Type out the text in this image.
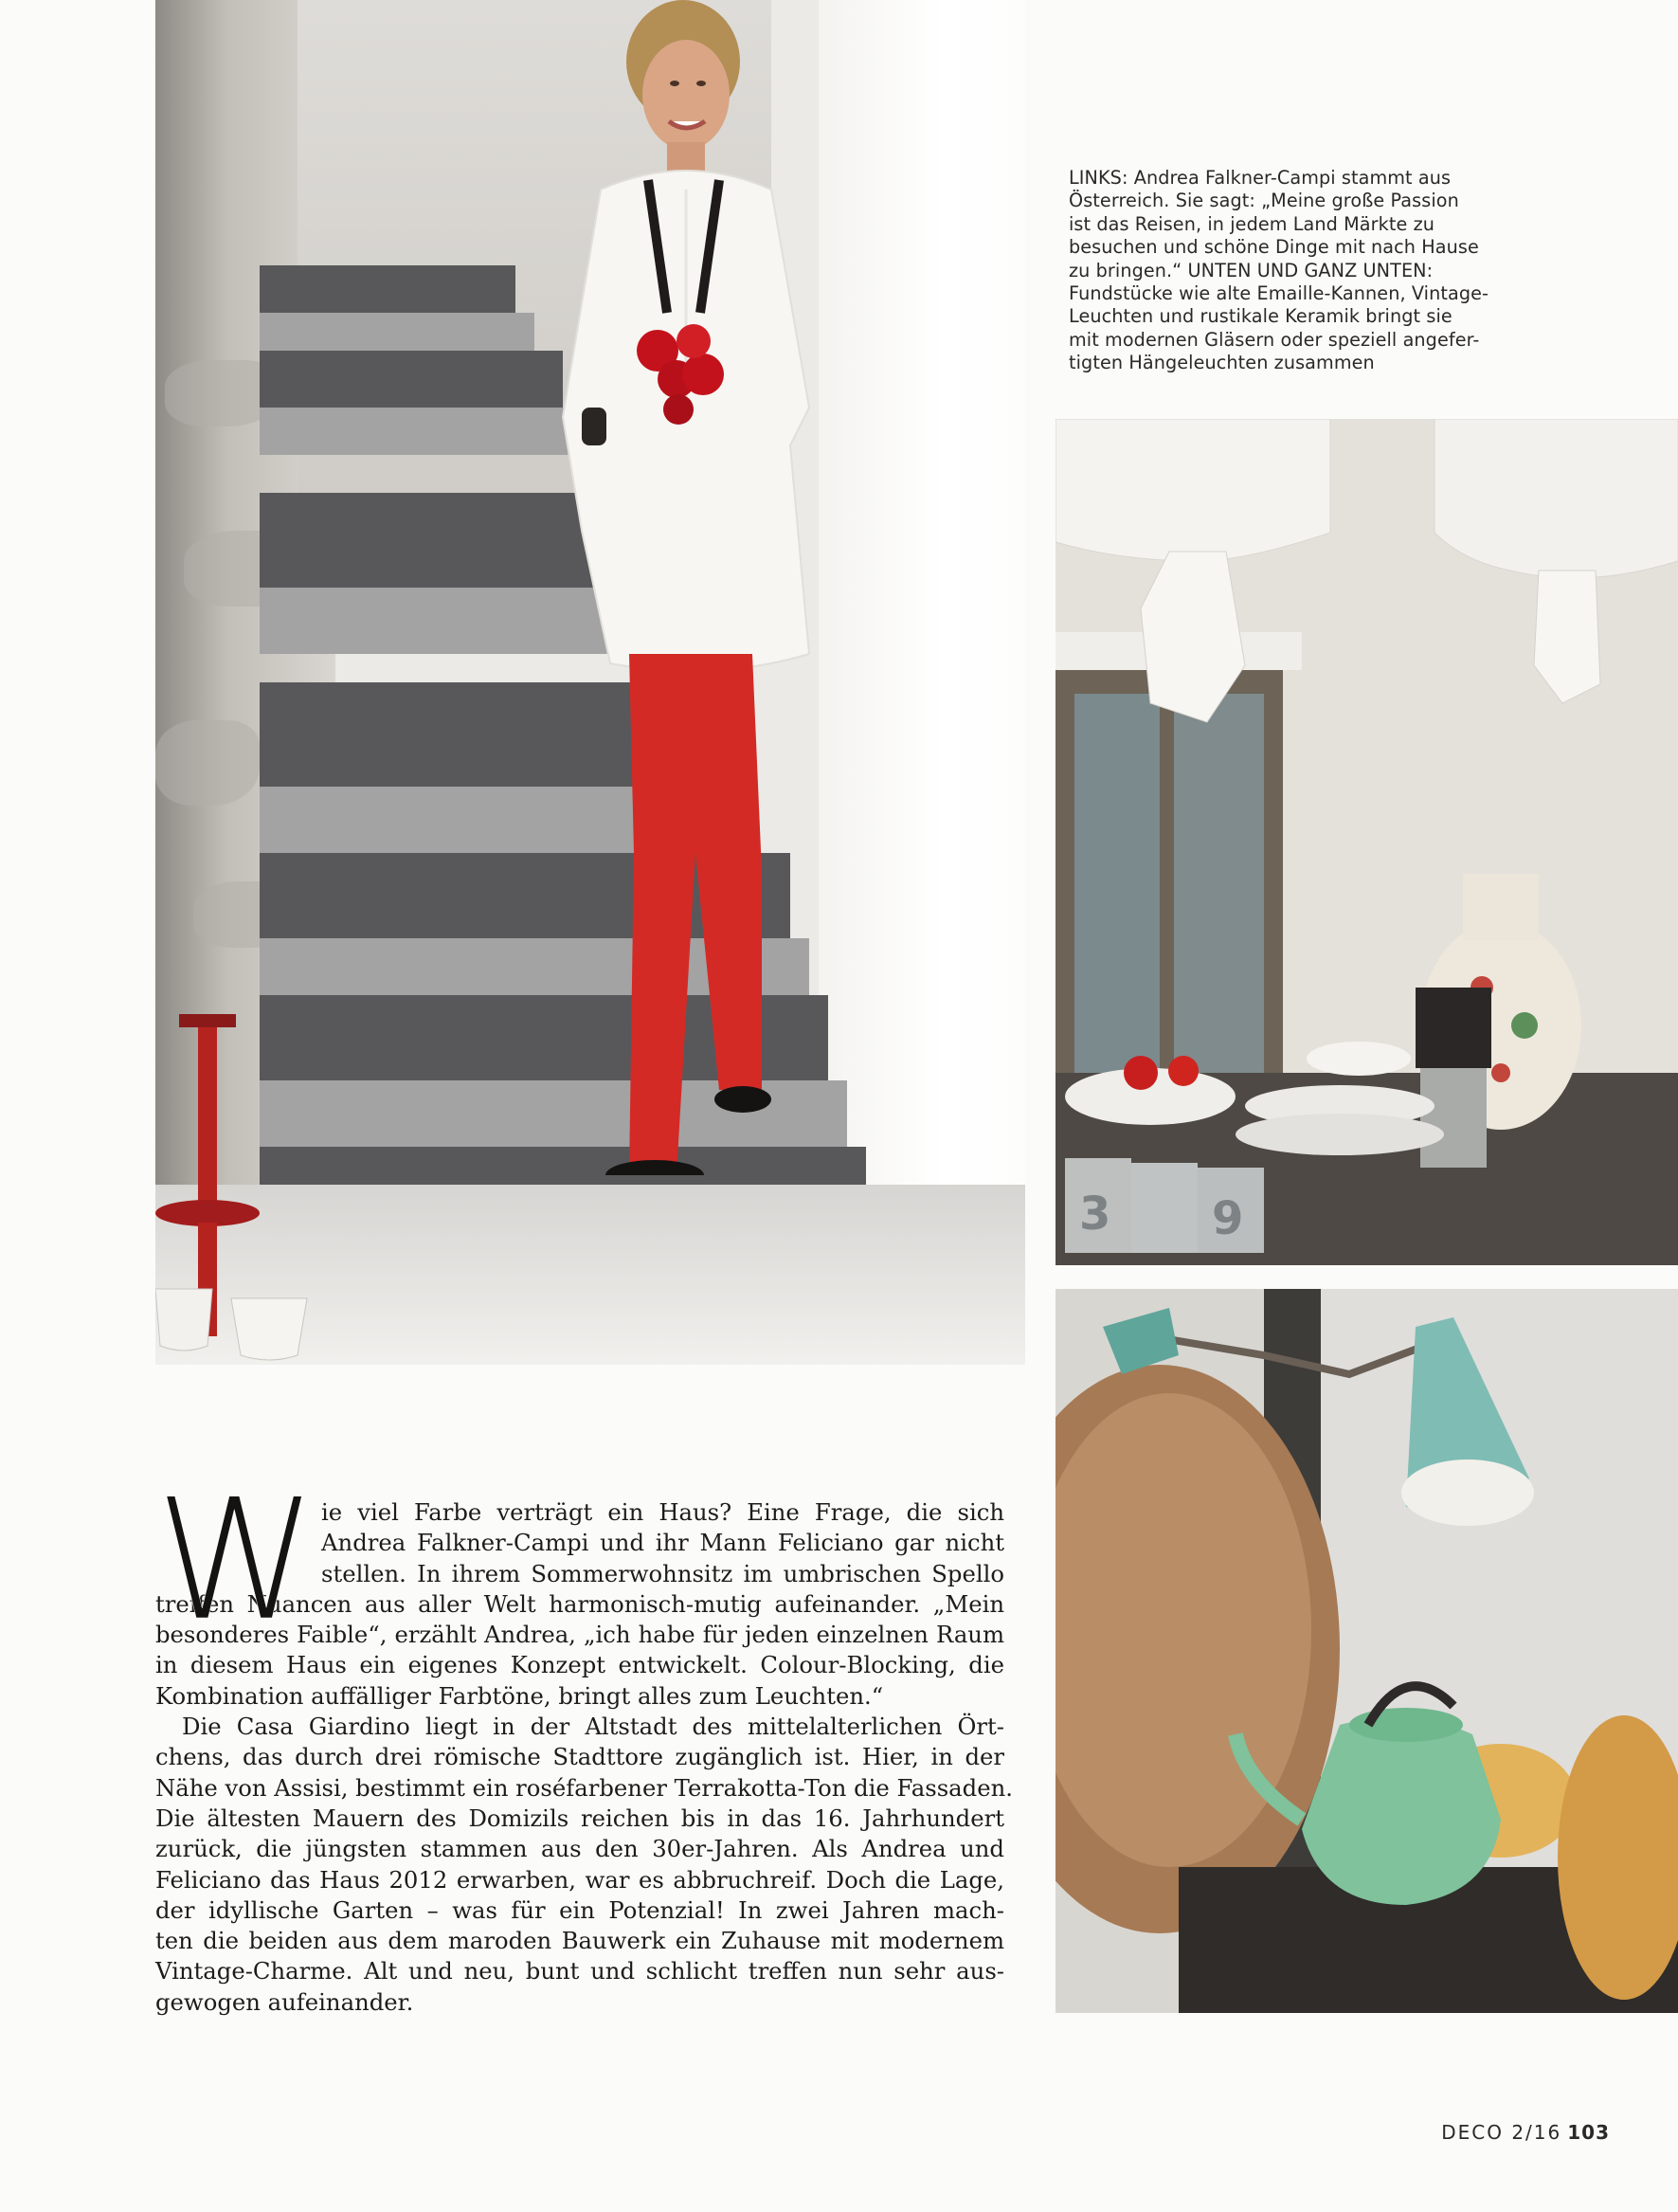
LINKS: Andrea Falkner-Campi stammt aus
Österreich. Sie sagt: „Meine große Passion
ist das Reisen, in jedem Land Märkte zu
besuchen und schöne Dinge mit nach Hause
zu bringen.“ UNTEN UND GANZ UNTEN:
Fundstücke wie alte Emaille-Kannen, Vintage-
Leuchten und rustikale Keramik bringt sie
mit modernen Gläsern oder speziell angefer-
tigten Hängeleuchten zusammen
3 9
W ie viel Farbe verträgt ein Haus? Eine Frage, die sich
Andrea Falkner-Campi und ihr Mann Feliciano gar nicht
stellen. In ihrem Sommerwohnsitz im umbrischen Spello
treffen Nuancen aus aller Welt harmonisch-mutig aufeinander. „Mein
besonderes Faible“, erzählt Andrea, „ich habe für jeden einzelnen Raum
in diesem Haus ein eigenes Konzept entwickelt. Colour-Blocking, die
Kombination auffälliger Farbtöne, bringt alles zum Leuchten.“
Die Casa Giardino liegt in der Altstadt des mittelalterlichen Ört-
chens, das durch drei römische Stadttore zugänglich ist. Hier, in der
Nähe von Assisi, bestimmt ein roséfarbener Terrakotta-Ton die Fassaden.
Die ältesten Mauern des Domizils reichen bis in das 16. Jahrhundert
zurück, die jüngsten stammen aus den 30er-Jahren. Als Andrea und
Feliciano das Haus 2012 erwarben, war es abbruchreif. Doch die Lage,
der idyllische Garten – was für ein Potenzial! In zwei Jahren mach-
ten die beiden aus dem maroden Bauwerk ein Zuhause mit modernem
Vintage-Charme. Alt und neu, bunt und schlicht treffen nun sehr aus-
gewogen aufeinander.
DECO 2/16 103
